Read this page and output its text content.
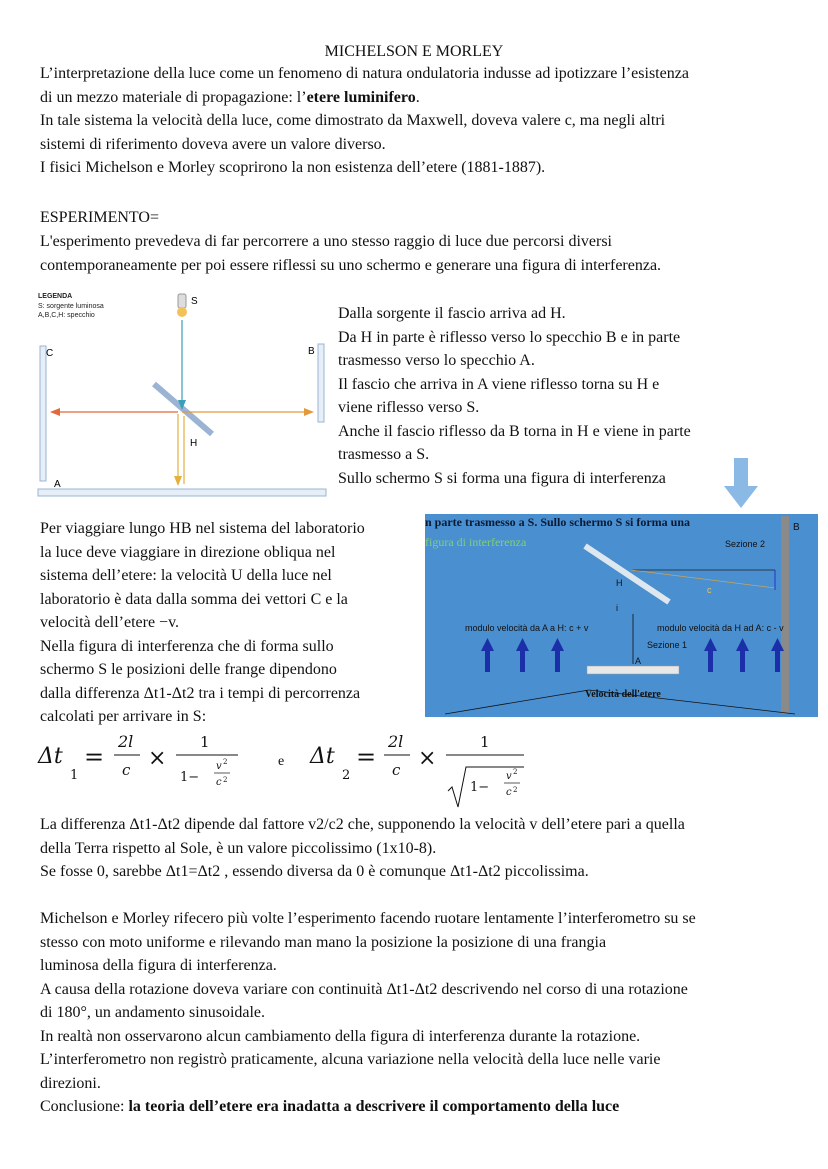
MICHELSON E MORLEY
L’interpretazione della luce come un fenomeno di natura ondulatoria indusse ad ipotizzare l’esistenza
di un mezzo materiale di propagazione: l’etere luminifero.
In tale sistema la velocità della luce, come dimostrato da Maxwell, doveva valere c, ma negli altri
sistemi di riferimento doveva avere un valore diverso.
I fisici Michelson e Morley scoprirono la non esistenza dell’etere (1881-1887).
ESPERIMENTO=
L'esperimento prevedeva di far percorrere a uno stesso raggio di luce due percorsi diversi
contemporaneamente per poi essere riflessi su uno schermo e generare una figura di interferenza.
LEGENDA
S: sorgente luminosa
A,B,C,H: specchio
S
C	B
A
H
Dalla sorgente il fascio arriva ad H.
Da H in parte è riflesso verso lo specchio B e in parte
trasmesso verso lo specchio A.
Il fascio che arriva in A viene riflesso torna su H e
viene riflesso verso S.
Anche il fascio riflesso da B torna in H e viene in parte
trasmesso a S.
Sullo schermo S si forma una figura di interferenza
Per viaggiare lungo HB nel sistema del laboratorio
la luce deve viaggiare in direzione obliqua nel
sistema dell’etere: la velocità U della luce nel
laboratorio è data dalla somma dei vettori C e la
velocità dell’etere −v.
Nella figura di interferenza che di forma sullo
schermo S le posizioni delle frange dipendono
dalla differenza Δt1-Δt2 tra i tempi di percorrenza
calcolati per arrivare in S:
n parte trasmesso a S. Sullo schermo S si forma una
figura di interferenza
B
Sezione 2
H
c
i
modulo velocità da A a H: c + v	modulo velocità da H ad A: c - v
Sezione 1
A
Velocità dell'etere
Δt
1
=
2l
c ×
1
1−
v 2
c 2
e Δt
2
=
2l
c ×
1
1−
v 2
c 2
La differenza Δt1-Δt2 dipende dal fattore v2/c2 che, supponendo la velocità v dell’etere pari a quella
della Terra rispetto al Sole, è un valore piccolissimo (1x10-8).
Se fosse 0, sarebbe Δt1=Δt2 , essendo diversa da 0 è comunque Δt1-Δt2 piccolissima.
Michelson e Morley rifecero più volte l’esperimento facendo ruotare lentamente l’interferometro su se
stesso con moto uniforme e rilevando man mano la posizione la posizione di una frangia
luminosa della figura di interferenza.
A causa della rotazione doveva variare con continuità Δt1-Δt2 descrivendo nel corso di una rotazione
di 180°, un andamento sinusoidale.
In realtà non osservarono alcun cambiamento della figura di interferenza durante la rotazione.
L’interferometro non registrò praticamente, alcuna variazione nella velocità della luce nelle varie
direzioni.
Conclusione: la teoria dell’etere era inadatta a descrivere il comportamento della luce
